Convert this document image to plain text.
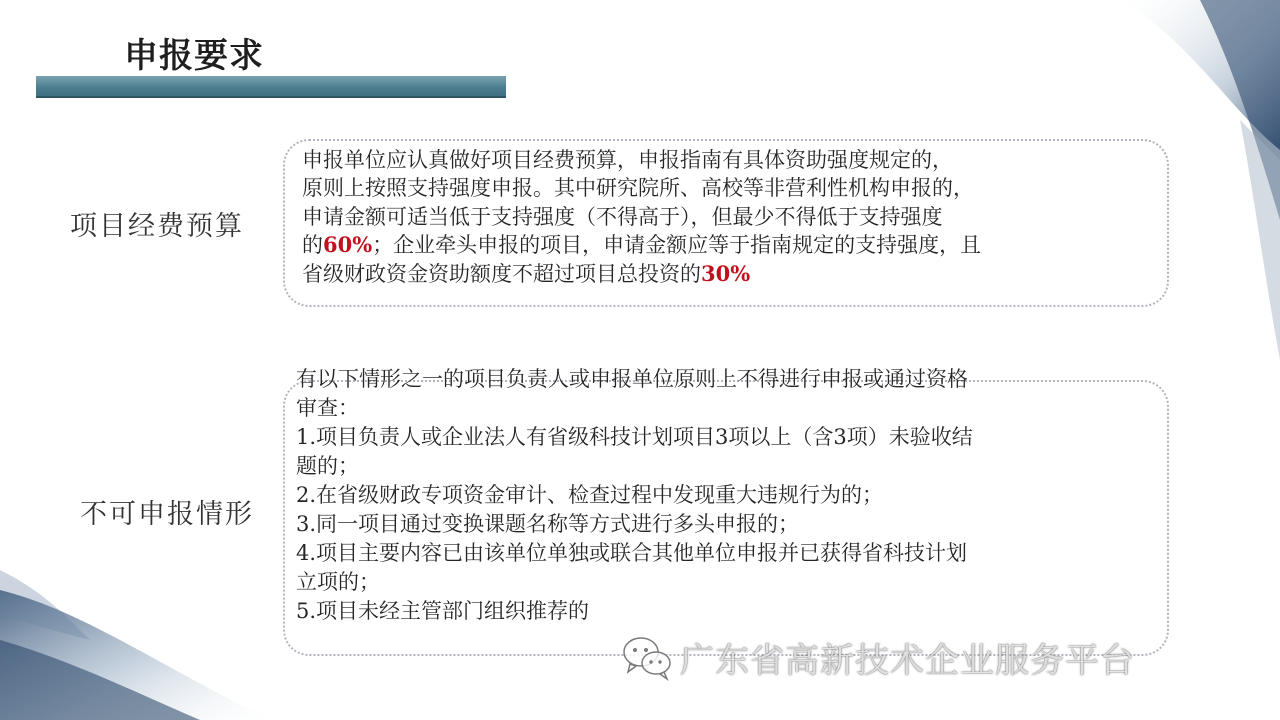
申报要求
项目经费预算
申报单位应认真做好项目经费预算，申报指南有具体资助强度规定的，
原则上按照支持强度申报。其中研究院所、高校等非营利性机构申报的，
申请金额可适当低于支持强度（不得高于），但最少不得低于支持强度
的60%；企业牵头申报的项目，申请金额应等于指南规定的支持强度，且
省级财政资金资助额度不超过项目总投资的30%
不可申报情形
有以下情形之一的项目负责人或申报单位原则上不得进行申报或通过资格
审查：
1.项目负责人或企业法人有省级科技计划项目3项以上（含3项）未验收结
题的；
2.在省级财政专项资金审计、检查过程中发现重大违规行为的；
3.同一项目通过变换课题名称等方式进行多头申报的；
4.项目主要内容已由该单位单独或联合其他单位申报并已获得省科技计划
立项的；
5.项目未经主管部门组织推荐的
广东省高新技术企业服务平台
